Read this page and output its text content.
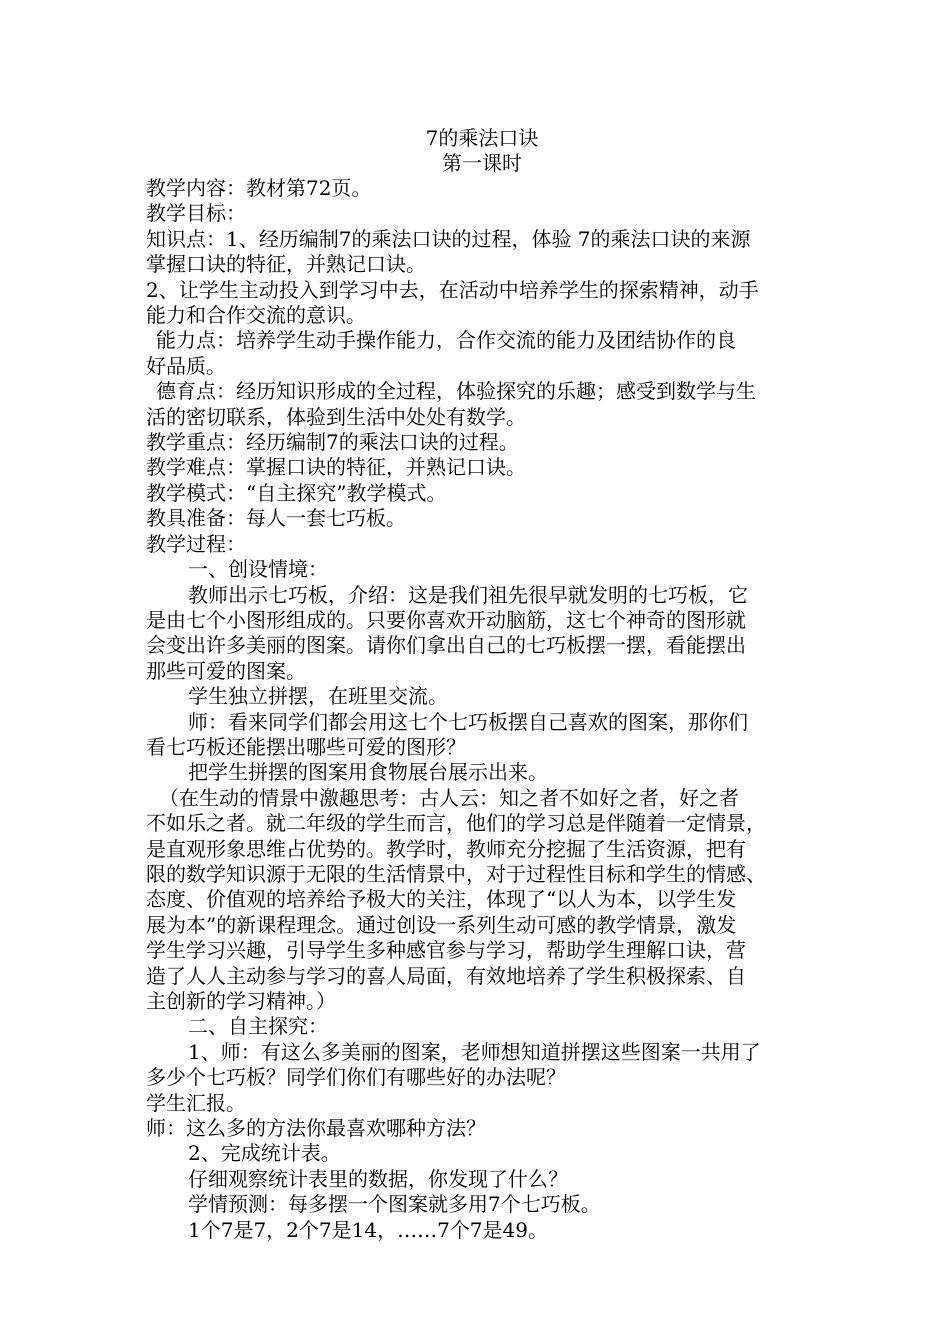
7的乘法口诀
第一课时
教学内容：教材第72页。
教学目标：
知识点：1、经历编制7的乘法口诀的过程，体验 7的乘法口诀的来源
掌握口诀的特征，并熟记口诀。
2、让学生主动投入到学习中去，在活动中培养学生的探索精神，动手
能力和合作交流的意识。
能力点：培养学生动手操作能力，合作交流的能力及团结协作的良
好品质。
德育点：经历知识形成的全过程，体验探究的乐趣；感受到数学与生
活的密切联系，体验到生活中处处有数学。
教学重点：经历编制7的乘法口诀的过程。
教学难点：掌握口诀的特征，并熟记口诀。
教学模式：“自主探究”教学模式。
教具准备：每人一套七巧板。
教学过程：
一、创设情境：
教师出示七巧板，介绍：这是我们祖先很早就发明的七巧板，它
是由七个小图形组成的。只要你喜欢开动脑筋，这七个神奇的图形就
会变出许多美丽的图案。请你们拿出自己的七巧板摆一摆，看能摆出
那些可爱的图案。
学生独立拼摆，在班里交流。
师：看来同学们都会用这七个七巧板摆自己喜欢的图案，那你们
看七巧板还能摆出哪些可爱的图形？
把学生拼摆的图案用食物展台展示出来。
（在生动的情景中激趣思考：古人云：知之者不如好之者，好之者
不如乐之者。就二年级的学生而言，他们的学习总是伴随着一定情景，
是直观形象思维占优势的。教学时，教师充分挖掘了生活资源，把有
限的数学知识源于无限的生活情景中，对于过程性目标和学生的情感、
态度、价值观的培养给予极大的关注，体现了“以人为本，以学生发
展为本”的新课程理念。通过创设一系列生动可感的教学情景，激发
学生学习兴趣，引导学生多种感官参与学习，帮助学生理解口诀，营
造了人人主动参与学习的喜人局面，有效地培养了学生积极探索、自
主创新的学习精神。）
二、自主探究：
1、师：有这么多美丽的图案，老师想知道拼摆这些图案一共用了
多少个七巧板？同学们你们有哪些好的办法呢？
学生汇报。
师：这么多的方法你最喜欢哪种方法？
2、完成统计表。
仔细观察统计表里的数据，你发现了什么？
学情预测：每多摆一个图案就多用7个七巧板。
1个7是7，2个7是14，……7个7是49。
